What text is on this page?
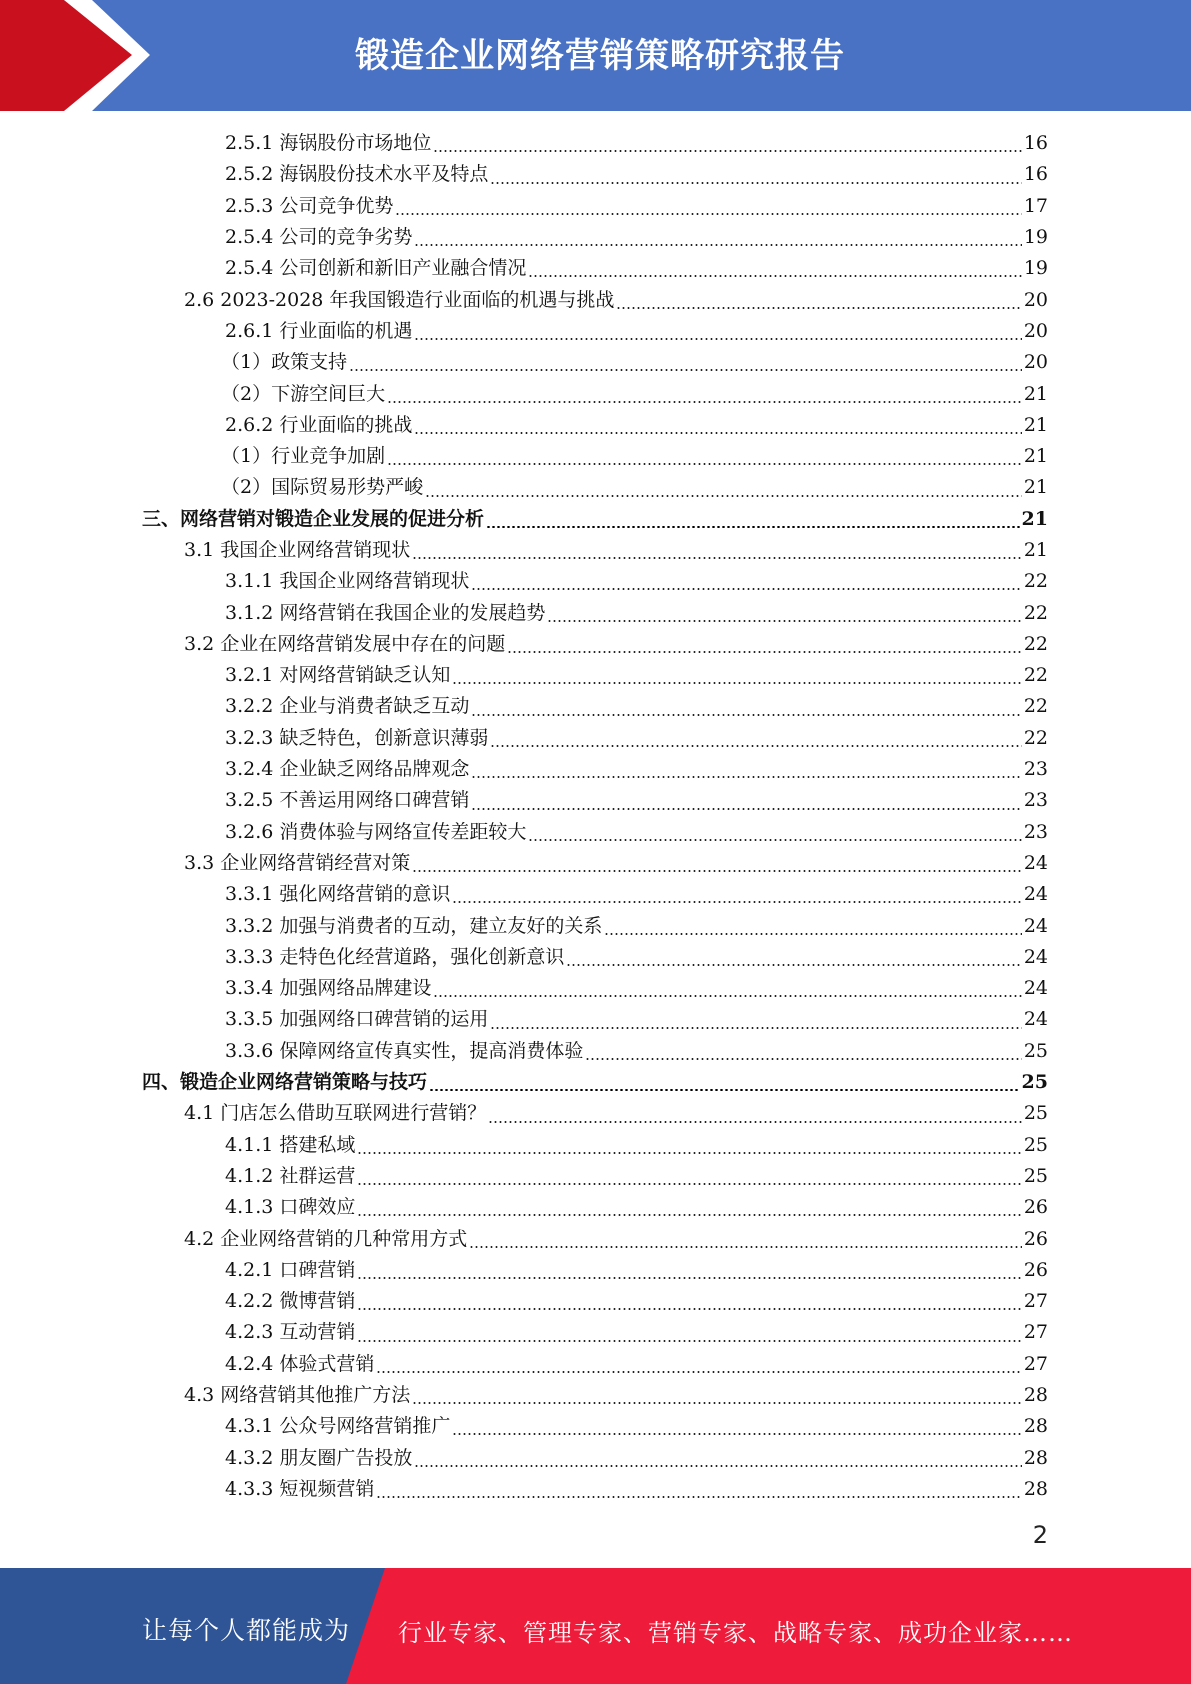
锻造企业网络营销策略研究报告
2.5.1 海锅股份市场地位	16
2.5.2 海锅股份技术水平及特点	16
2.5.3 公司竞争优势	17
2.5.4 公司的竞争劣势	19
2.5.4 公司创新和新旧产业融合情况	19
2.6 2023-2028 年我国锻造行业面临的机遇与挑战	20
2.6.1 行业面临的机遇	20
（1）政策支持	20
（2）下游空间巨大	21
2.6.2 行业面临的挑战	21
（1）行业竞争加剧	21
（2）国际贸易形势严峻	21
三、网络营销对锻造企业发展的促进分析	21
3.1 我国企业网络营销现状	21
3.1.1 我国企业网络营销现状	22
3.1.2 网络营销在我国企业的发展趋势	22
3.2 企业在网络营销发展中存在的问题	22
3.2.1 对网络营销缺乏认知	22
3.2.2 企业与消费者缺乏互动	22
3.2.3 缺乏特色，创新意识薄弱	22
3.2.4 企业缺乏网络品牌观念	23
3.2.5 不善运用网络口碑营销	23
3.2.6 消费体验与网络宣传差距较大	23
3.3 企业网络营销经营对策	24
3.3.1 强化网络营销的意识	24
3.3.2 加强与消费者的互动，建立友好的关系	24
3.3.3 走特色化经营道路，强化创新意识	24
3.3.4 加强网络品牌建设	24
3.3.5 加强网络口碑营销的运用	24
3.3.6 保障网络宣传真实性，提高消费体验	25
四、锻造企业网络营销策略与技巧	25
4.1 门店怎么借助互联网进行营销？	25
4.1.1 搭建私域	25
4.1.2 社群运营	25
4.1.3 口碑效应	26
4.2 企业网络营销的几种常用方式	26
4.2.1 口碑营销	26
4.2.2 微博营销	27
4.2.3 互动营销	27
4.2.4 体验式营销	27
4.3 网络营销其他推广方法	28
4.3.1 公众号网络营销推广	28
4.3.2 朋友圈广告投放	28
4.3.3 短视频营销	28
2
让每个人都能成为 行业专家、管理专家、营销专家、战略专家、成功企业家……
